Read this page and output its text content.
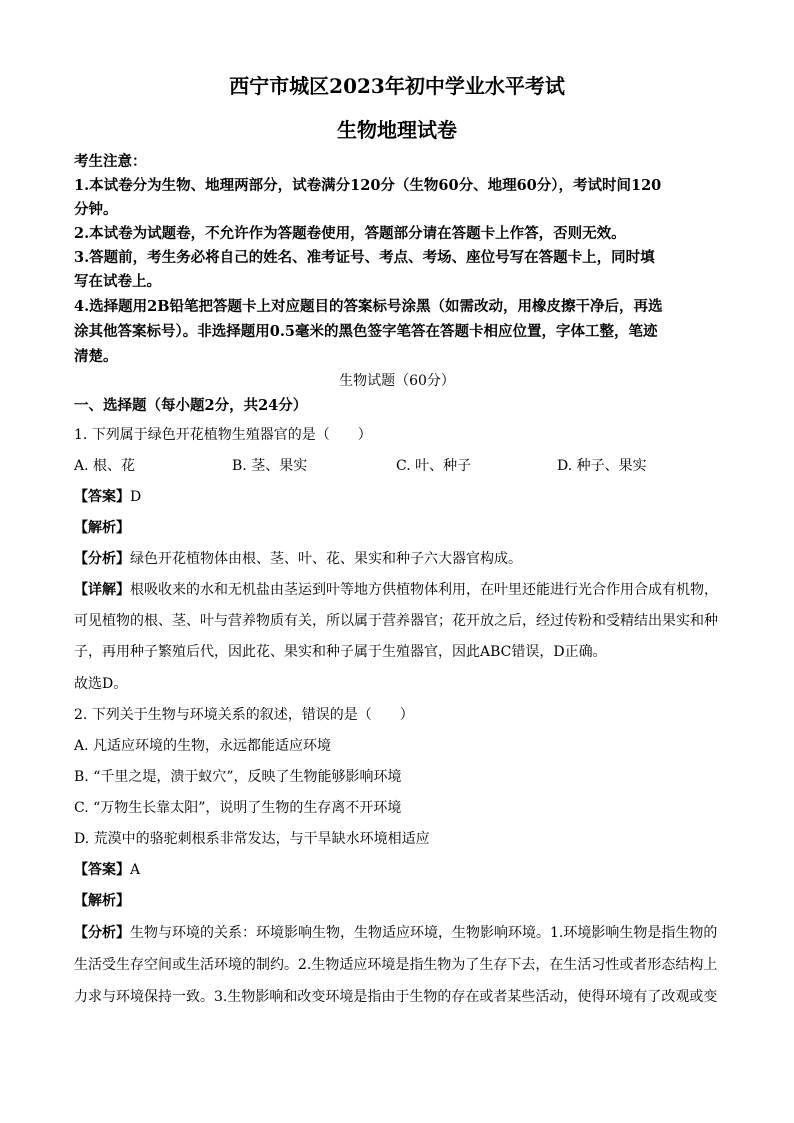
西宁市城区2023年初中学业水平考试
生物地理试卷
考生注意：
1.本试卷分为生物、地理两部分，试卷满分120分（生物60分、地理60分），考试时间120
分钟。
2.本试卷为试题卷，不允许作为答题卷使用，答题部分请在答题卡上作答，否则无效。
3.答题前，考生务必将自己的姓名、准考证号、考点、考场、座位号写在答题卡上，同时填
写在试卷上。
4.选择题用2B铅笔把答题卡上对应题目的答案标号涂黑（如需改动，用橡皮擦干净后，再选
涂其他答案标号）。非选择题用0.5毫米的黑色签字笔答在答题卡相应位置，字体工整，笔迹
清楚。
生物试题（60分）
一、选择题（每小题2分，共24分）
1. 下列属于绿色开花植物生殖器官的是（　　）
A. 根、花	B. 茎、果实	C. 叶、种子	D. 种子、果实
【答案】D
【解析】
【分析】绿色开花植物体由根、茎、叶、花、果实和种子六大器官构成。
【详解】根吸收来的水和无机盐由茎运到叶等地方供植物体利用，在叶里还能进行光合作用合成有机物，
可见植物的根、茎、叶与营养物质有关，所以属于营养器官；花开放之后，经过传粉和受精结出果实和种
子，再用种子繁殖后代，因此花、果实和种子属于生殖器官，因此ABC错误，D正确。
故选D。
2. 下列关于生物与环境关系的叙述，错误的是（　　）
A. 凡适应环境的生物，永远都能适应环境
B. “千里之堤，溃于蚁穴”，反映了生物能够影响环境
C. “万物生长靠太阳”，说明了生物的生存离不开环境
D. 荒漠中的骆驼刺根系非常发达，与干旱缺水环境相适应
【答案】A
【解析】
【分析】生物与环境的关系：环境影响生物，生物适应环境，生物影响环境。1.环境影响生物是指生物的
生活受生存空间或生活环境的制约。2.生物适应环境是指生物为了生存下去，在生活习性或者形态结构上
力求与环境保持一致。3.生物影响和改变环境是指由于生物的存在或者某些活动，使得环境有了改观或变
